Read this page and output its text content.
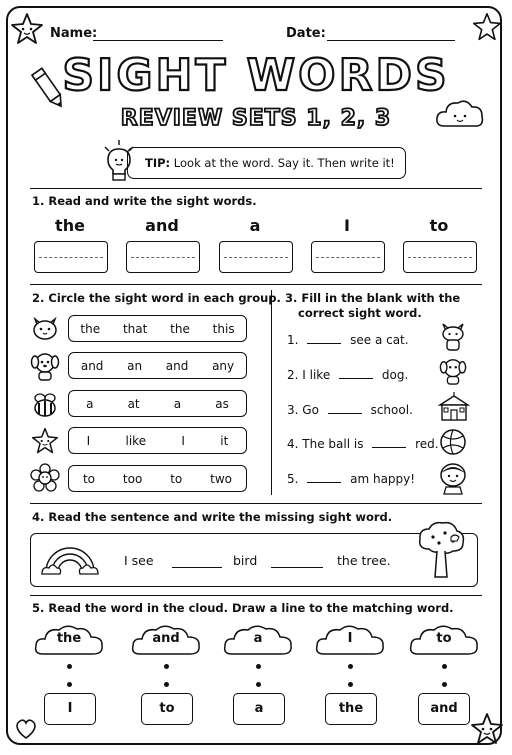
Name:	Date:
SIGHT WORDS
REVIEW SETS 1, 2, 3
TIP: Look at the word. Say it. Then write it!
1. Read and write the sight words.
the	and	a	I	to
2. Circle the sight word in each group.
the that the this
and an and any
a	at	a	as
I	like	I	it
to too to two
3. Fill in the blank with the
correct sight word.
1.	see a cat.
2. I like	dog.
3. Go	school.
4. The ball is	red.
5.	am happy!
4. Read the sentence and write the missing sight word.
I see	bird	the tree.
5. Read the word in the cloud. Draw a line to the matching word.
the	and	a	I	to
I	to	a	the	and
